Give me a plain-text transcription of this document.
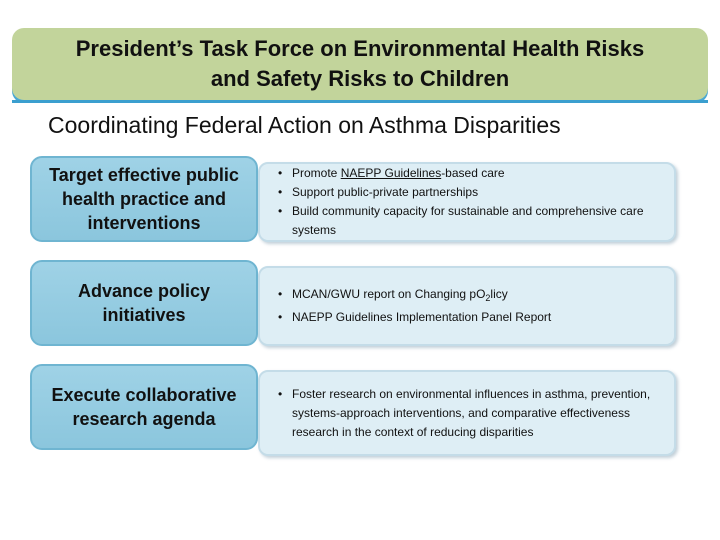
President’s Task Force on Environmental Health Risks
and Safety Risks to Children
Coordinating Federal Action on Asthma Disparities
Target effective public health practice and interventions
• Promote NAEPP Guidelines-based care
• Support public-private partnerships
• Build community capacity for sustainable and comprehensive care systems
Advance policy initiatives
• MCAN/GWU report on Changing $pO_2licy$
• NAEPP Guidelines Implementation Panel Report
Execute collaborative research agenda
• Foster research on environmental influences in asthma, prevention, systems-approach interventions, and comparative effectiveness research in the context of reducing disparities
